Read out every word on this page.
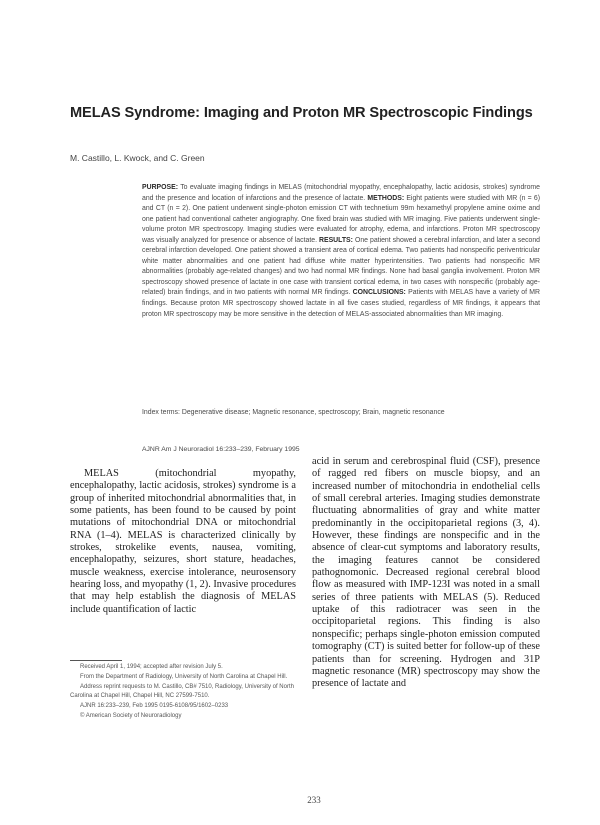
MELAS Syndrome: Imaging and Proton MR Spectroscopic Findings
M. Castillo, L. Kwock, and C. Green
PURPOSE: To evaluate imaging findings in MELAS (mitochondrial myopathy, encephalopathy, lactic acidosis, strokes) syndrome and the presence and location of infarctions and the presence of lactate. METHODS: Eight patients were studied with MR (n = 6) and CT (n = 2). One patient underwent single-photon emission CT with technetium 99m hexamethyl propylene amine oxime and one patient had conventional catheter angiography. One fixed brain was studied with MR imaging. Five patients underwent single-volume proton MR spectroscopy. Imaging studies were evaluated for atrophy, edema, and infarctions. Proton MR spectroscopy was visually analyzed for presence or absence of lactate. RESULTS: One patient showed a cerebral infarction, and later a second cerebral infarction developed. One patient showed a transient area of cortical edema. Two patients had nonspecific periventricular white matter abnormalities and one patient had diffuse white matter hyperintensities. Two patients had nonspecific MR abnormalities (probably age-related changes) and two had normal MR findings. None had basal ganglia involvement. Proton MR spectroscopy showed presence of lactate in one case with transient cortical edema, in two cases with nonspecific (probably age-related) brain findings, and in two patients with normal MR findings. CONCLUSIONS: Patients with MELAS have a variety of MR findings. Because proton MR spectroscopy showed lactate in all five cases studied, regardless of MR findings, it appears that proton MR spectroscopy may be more sensitive in the detection of MELAS-associated abnormalities than MR imaging.
Index terms: Degenerative disease; Magnetic resonance, spectroscopy; Brain, magnetic resonance
AJNR Am J Neuroradiol 16:233–239, February 1995
MELAS (mitochondrial myopathy, encephalopathy, lactic acidosis, strokes) syndrome is a group of inherited mitochondrial abnormalities that, in some patients, has been found to be caused by point mutations of mitochondrial DNA or mitochondrial RNA (1–4). MELAS is characterized clinically by strokes, strokelike events, nausea, vomiting, encephalopathy, seizures, short stature, headaches, muscle weakness, exercise intolerance, neurosensory hearing loss, and myopathy (1, 2). Invasive procedures that may help establish the diagnosis of MELAS include quantification of lactic
acid in serum and cerebrospinal fluid (CSF), presence of ragged red fibers on muscle biopsy, and an increased number of mitochondria in endothelial cells of small cerebral arteries. Imaging studies demonstrate fluctuating abnormalities of gray and white matter predominantly in the occipitoparietal regions (3, 4). However, these findings are nonspecific and in the absence of clear-cut symptoms and laboratory results, the imaging features cannot be considered pathognomonic. Decreased regional cerebral blood flow as measured with IMP-123I was noted in a small series of three patients with MELAS (5). Reduced uptake of this radiotracer was seen in the occipitoparietal regions. This finding is also nonspecific; perhaps single-photon emission computed tomography (CT) is suited better for follow-up of these patients than for screening. Hydrogen and 31P magnetic resonance (MR) spectroscopy may show the presence of lactate and

Received April 1, 1994; accepted after revision July 5.

From the Department of Radiology, University of North Carolina at Chapel Hill.

Address reprint requests to M. Castillo, CB# 7510, Radiology, University of North Carolina at Chapel Hill, Chapel Hill, NC 27599-7510.

AJNR 16:233–239, Feb 1995 0195-6108/95/1602–0233

© American Society of Neuroradiology

233
